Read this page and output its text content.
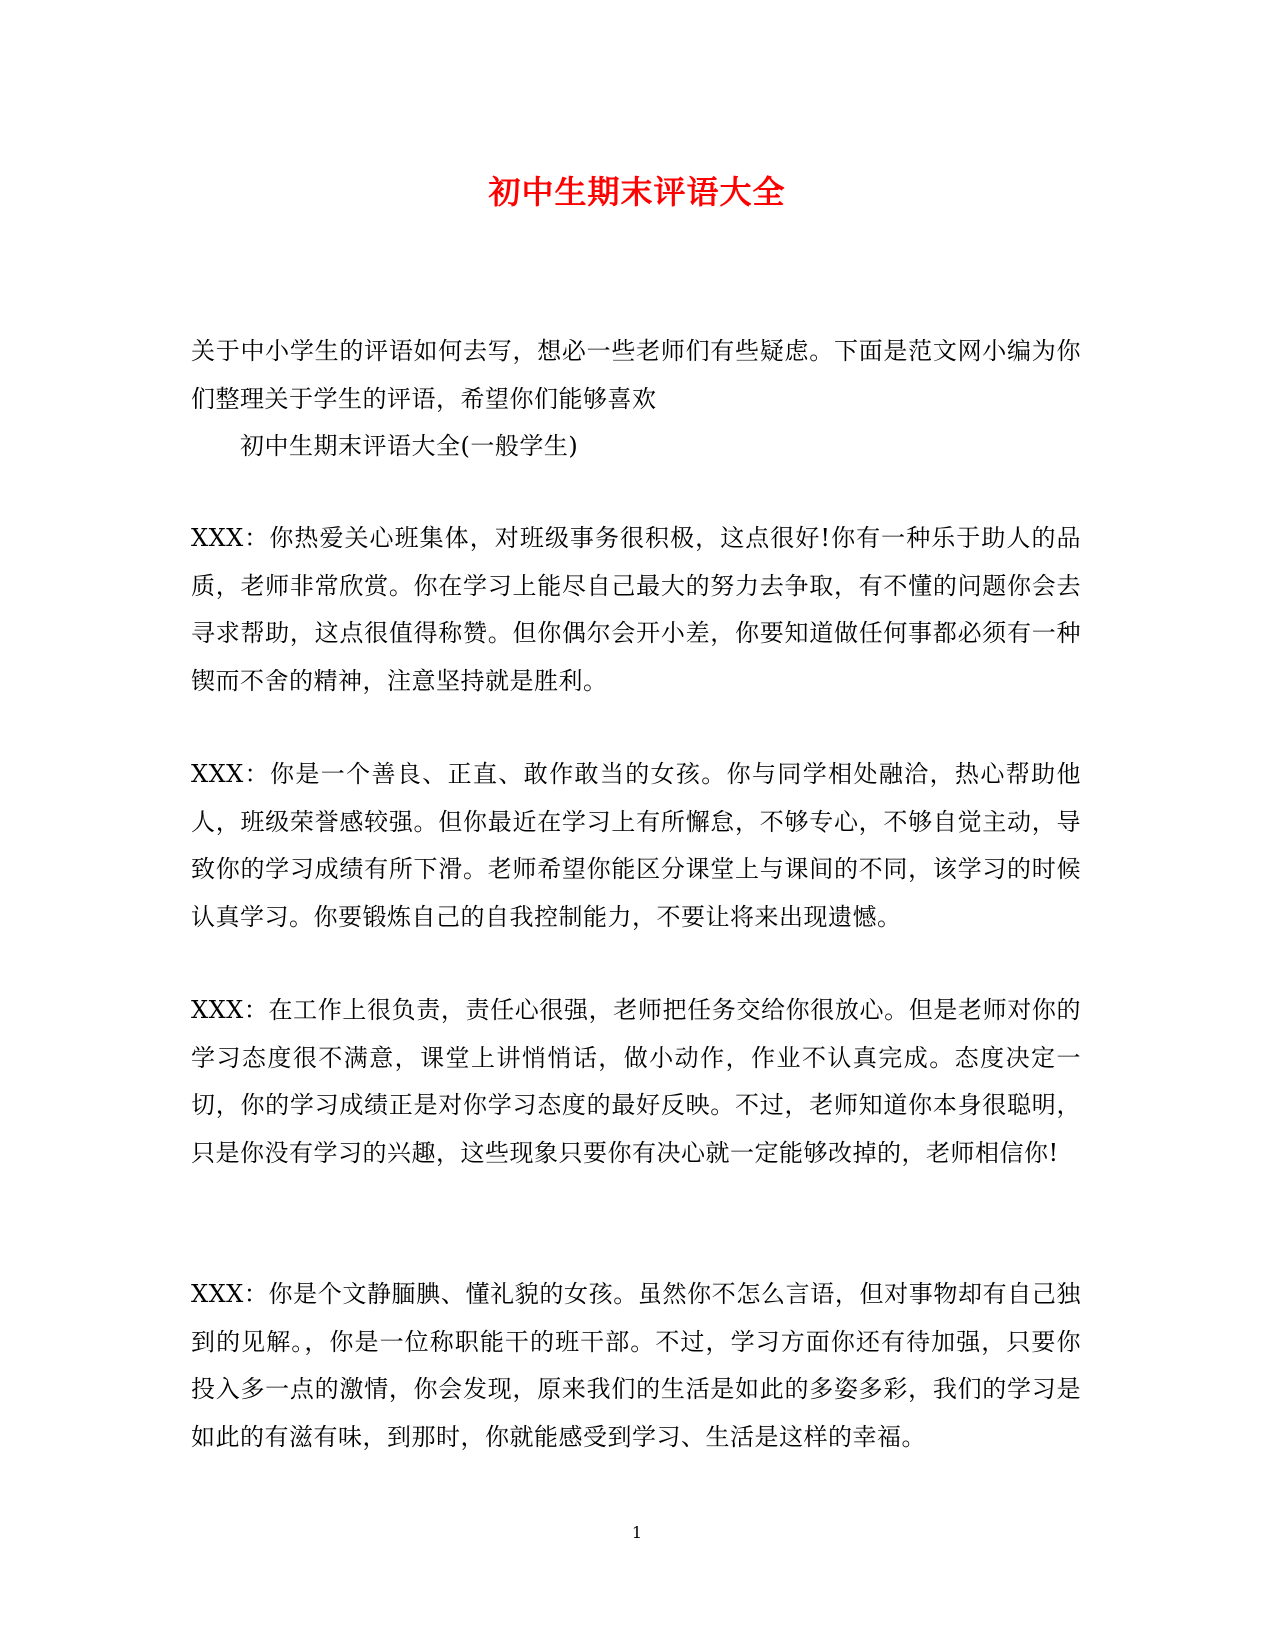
初中生期末评语大全
关于中小学生的评语如何去写，想必一些老师们有些疑虑。下面是范文网小编为你们整理关于学生的评语，希望你们能够喜欢
初中生期末评语大全(一般学生)
XXX：你热爱关心班集体，对班级事务很积极，这点很好!你有一种乐于助人的品质，老师非常欣赏。你在学习上能尽自己最大的努力去争取，有不懂的问题你会去寻求帮助，这点很值得称赞。但你偶尔会开小差，你要知道做任何事都必须有一种锲而不舍的精神，注意坚持就是胜利。
XXX：你是一个善良、正直、敢作敢当的女孩。你与同学相处融洽，热心帮助他人，班级荣誉感较强。但你最近在学习上有所懈怠，不够专心，不够自觉主动，导致你的学习成绩有所下滑。老师希望你能区分课堂上与课间的不同，该学习的时候认真学习。你要锻炼自己的自我控制能力，不要让将来出现遗憾。
XXX：在工作上很负责，责任心很强，老师把任务交给你很放心。但是老师对你的学习态度很不满意，课堂上讲悄悄话，做小动作，作业不认真完成。态度决定一切，你的学习成绩正是对你学习态度的最好反映。不过，老师知道你本身很聪明，只是你没有学习的兴趣，这些现象只要你有决心就一定能够改掉的，老师相信你!
XXX：你是个文静腼腆、懂礼貌的女孩。虽然你不怎么言语，但对事物却有自己独到的见解。，你是一位称职能干的班干部。不过，学习方面你还有待加强，只要你投入多一点的激情，你会发现，原来我们的生活是如此的多姿多彩，我们的学习是如此的有滋有味，到那时，你就能感受到学习、生活是这样的幸福。
1
